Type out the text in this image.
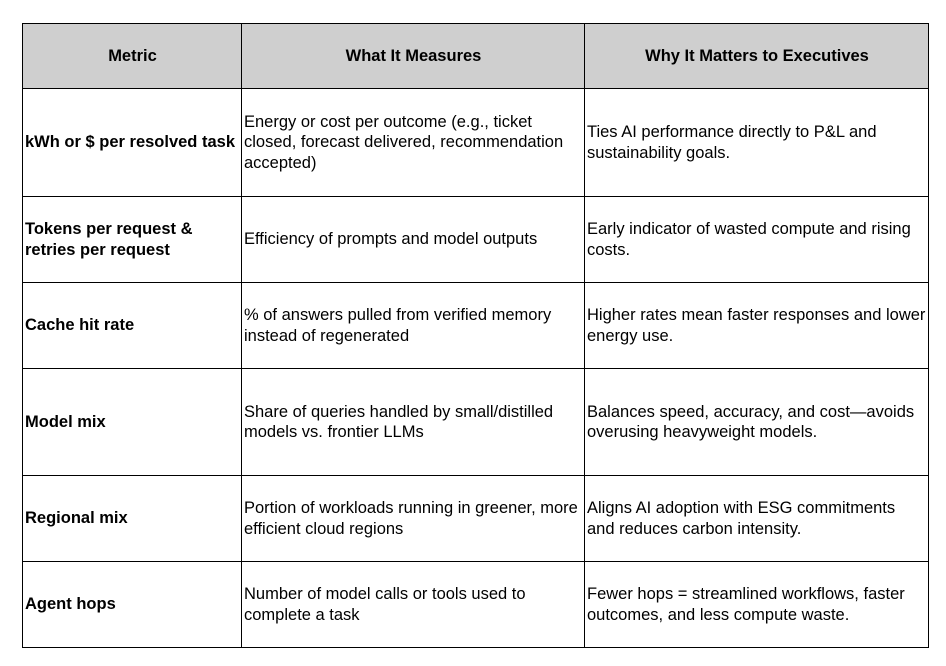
Metric	What It Measures	Why It Matters to Executives
kWh or $ per resolved task	Energy or cost per outcome (e.g., ticket closed, forecast delivered, recommendation accepted)	Ties AI performance directly to P&L and sustainability goals.
Tokens per request & retries per request	Efficiency of prompts and model outputs	Early indicator of wasted compute and rising costs.
Cache hit rate	% of answers pulled from verified memory instead of regenerated	Higher rates mean faster responses and lower energy use.
Model mix	Share of queries handled by small/distilled models vs. frontier LLMs	Balances speed, accuracy, and cost—avoids overusing heavyweight models.
Regional mix	Portion of workloads running in greener, more efficient cloud regions	Aligns AI adoption with ESG commitments and reduces carbon intensity.
Agent hops	Number of model calls or tools used to complete a task	Fewer hops = streamlined workflows, faster outcomes, and less compute waste.
